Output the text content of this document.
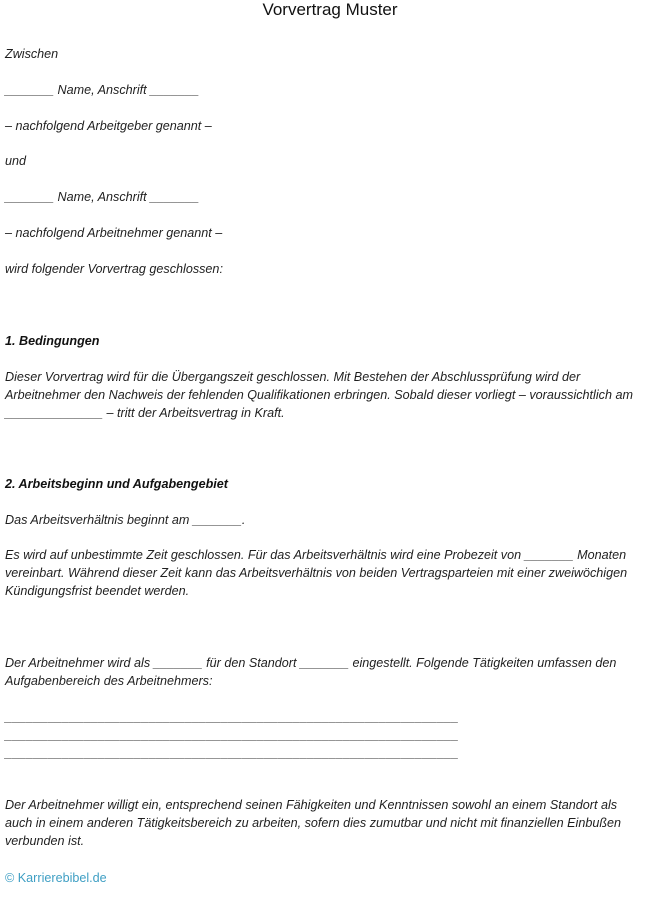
Vorvertrag Muster
Zwischen
_______ Name, Anschrift _______
– nachfolgend Arbeitgeber genannt –
und
_______ Name, Anschrift _______
– nachfolgend Arbeitnehmer genannt –
wird folgender Vorvertrag geschlossen:
1. Bedingungen
Dieser Vorvertrag wird für die Übergangszeit geschlossen. Mit Bestehen der Abschlussprüfung wird der
Arbeitnehmer den Nachweis der fehlenden Qualifikationen erbringen. Sobald dieser vorliegt – voraussichtlich am
______________ – tritt der Arbeitsvertrag in Kraft.
2. Arbeitsbeginn und Aufgabengebiet
Das Arbeitsverhältnis beginnt am _______.
Es wird auf unbestimmte Zeit geschlossen. Für das Arbeitsverhältnis wird eine Probezeit von _______ Monaten
vereinbart. Während dieser Zeit kann das Arbeitsverhältnis von beiden Vertragsparteien mit einer zweiwöchigen
Kündigungsfrist beendet werden.
Der Arbeitnehmer wird als _______ für den Standort _______ eingestellt. Folgende Tätigkeiten umfassen den
Aufgabenbereich des Arbeitnehmers:
_______________________________________________________________
_______________________________________________________________
_______________________________________________________________
Der Arbeitnehmer willigt ein, entsprechend seinen Fähigkeiten und Kenntnissen sowohl an einem Standort als
auch in einem anderen Tätigkeitsbereich zu arbeiten, sofern dies zumutbar und nicht mit finanziellen Einbußen
verbunden ist.
© Karrierebibel.de
